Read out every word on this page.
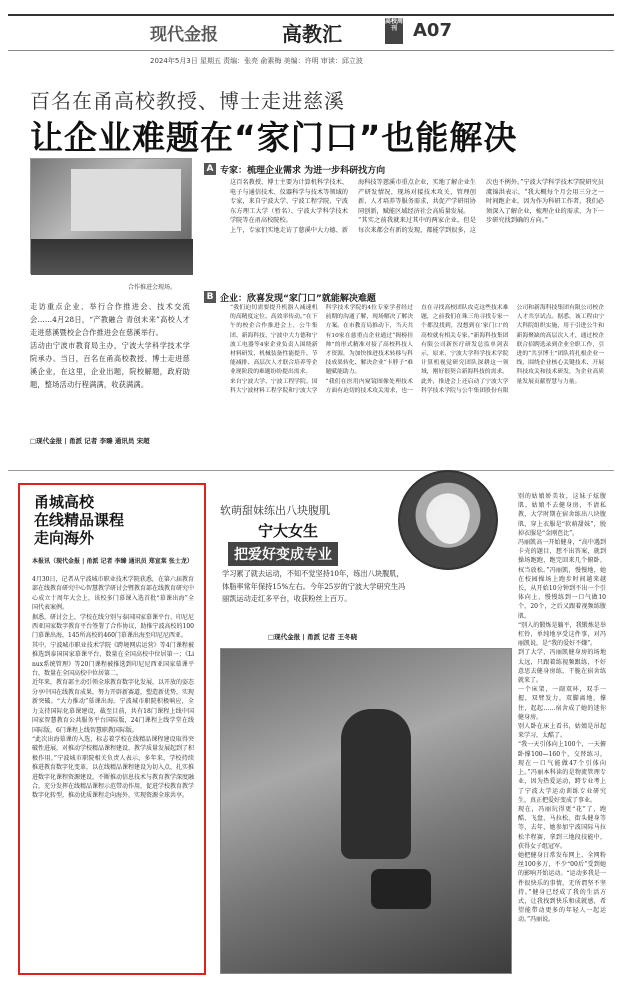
现代金报	高教汇
高校周刊 A07
2024年5月3日 星期五 责编：张亮 俞素梅 美编：许明 审读：邱立波
百名在甬高校教授、博士走进慈溪
让企业难题在“家门口”也能解决
合作推进会现场。
走访重点企业、举行合作推进会、技术交流会……4月28日，“产教融合 青创未来”高校人才走进慈溪暨校企合作推进会在慈溪举行。
活动由宁波市教育局主办，宁波大学科学技术学院承办。当日，百名在甬高校教授、博士走进慈溪企业，在这里，企业出题，院校解题，政府助题，整场活动行程满满，收获满满。
□现代金报 | 甬派 记者 李臻 通讯员 宋超
A 专家：梳理企业需求 为进一步科研找方向
这百名教授、博士主要为计算机科学技术、电子与通信技术、仪器科学与技术等领域的专家，来自宁波大学、宁波工程学院、宁波东方理工大学（暂名）、宁波大学科学技术学院等在甬高校院校。
上午，专家们实地走访了慈溪中大力德、新海科技等慈溪市重点企业，实地了解企业生产研发情况，现场对接技术攻关，管理创新、人才培养等服务需求，共促产学研用协同创新，赋能区域经济社会高质量发展。
“其实之前我就来过其中的两家企业，但是每次来都会有新的发现，都能学到很多，这次也不例外。”宁波大学科学技术学院研究员虞锦洪表示，“我大概每个月会用三分之一时间跑企业，因为作为科研工作者，我们必须深入了解企业，梳理企业的需求，为下一步研究找到确的方向。”
B 企业：欣喜发现“家门口”就能解决难题
“我们迫切需要提升机器人减速机的高精度定位、高效率传动。”在下午的校企合作推进会上，公牛集团、新海科技、宁波中大力德和宁波工电器等4家企业负责人围绕新材料研发、机械装备性能提升、节能减排、高层次人才联合培养等企业现阶段的难题纷纷提出需求。
来自宁波大学、宁波工程学院、国科大宁波材料工程学院和宁波大学科学技术学院的4位专家学者经过前期的沟通了解，现场解决了解决方案。在市教育局推动下，当天共有10家在慈重点企业通过“揭榜挂帅”的形式精准对接了高校科技人才资源，为加快推进技术转移与科技成果转化、解决企业“卡脖子”难题赋能助力。
“我们在医用内窥镜图像处理技术方面有迫切的技术攻关需求，也一直在寻找高校团队攻克这些技术难题，之前我们在珠三角寻找专家一个都没找到，没想到在‘家门口’的高校就有相关专家。”新海科技集团有限公司新医疗研发总监单剑表示，原来，宁波大学科学技术学院计算机视觉研究团队深耕这一领域，刚好很契合新海科技的需求。
此外，推进会上还启动了宁波大学科学技术学院与公牛集团股份有限公司和新海科技集团有限公司校企人才共享试点。据悉，该工程由宁大科院组织实施，用于引进公牛和新海聚缺的高层次人才，通过校企联合招聘选录到企业全职工作，引进的“共享博士”团队将扎根企业一线，围绕企业核心关键技术、开展科技攻关和技术研发，为企业高质量发展贡献智慧与力量。
甬城高校
在线精品课程
走向海外
本报讯（现代金报 | 甬派 记者 李臻 通讯员 郑宣棠 张士龙）
4月30日，记者从宁波城市职业技术学院获悉，在第六届教育部在线教育研究中心智慧教学研讨会暨教育部在线教育研究中心成立十周年大会上，该校多门慕课入选首批“慕课出海”全国代表案例。
据悉，研讨会上，学校在线分别与泰国国家慕课平台、印尼尼西亚国家数字教育平台签署了合作协议，助推宁波高校的100门慕课出海，145所高校的460门慕课出海至印尼尼西亚。
其中，宁波城市职业技术学院《跨境网店运营》等4门课程被推选到泰国国家慕课平台，数量在全国高校中位居第一；《Linux系统管理》等20门课程被推选到印尼尼西亚国家慕课平台，数量在全国高校中位居第二。
近年来，教育部主动引领全球教育数字化发展，以开放的姿态分享中国在线教育成果，努力开辟新赛道，塑造新优势，实现新突破。“大力推动”慕课出海。宁波城市职院积极响应，全力支持国际化慕课建设，截至目前，共有18门课程上线中国国家智慧教育公共服务平台国际版，24门课程上线学堂在线国际版，6门课程上线智慧职教国际版。
“此次出海慕课的入选，标志着学校在线精品课程建设取得突破性进展，对推动学校精品课程建设、教学质量发展起到了积极作用。”宁波城市职院相关负责人表示，多年来，学校持续推进教育数字化变革，以在线精品课程建设为切入点，扎实推进数字化课程资源建设，不断推动信息技术与教育教学深度融合，充分发挥在线精品课程示范带动作用，促进学校教育教学数字化转型，推动优质课程走向海外，实现资源全球共享。
软萌甜妹练出八块腹肌
宁大女生
把爱好变成专业
学习累了就去运动，不知不觉坚持10年，练出八块腹肌，体脂率常年保持15%左右。今年25岁的宁波大学研究生冯丽凯运动走红多平台，收获粉丝上百万。
□现代金报 | 甬派 记者 王冬晓
别的姑娘娇美妆，这妹子炫腹肌。姑娘不去健身房，不请私教，大学时期在宿舍练出八块腹肌，穿上衣服是“软萌甜妹”，脱掉衣服是“金刚芭比”。
冯丽凯高一开始健身，“高中遇到卡壳的题目，想不出答案，就到操场跑跑，跑完回来几个俯卧，权当放松。”冯丽凯，慢慢地，她在校园操场上跑步时间越来越长，从开始10分钟到不出一个引体向上，慢慢练到一口气做10个，20个，之后又跟着视频练腹肌。
“别人的锻炼是躺平，我锻炼是举杠铃，单纯地享受这件事，对冯丽凯说，是“我的爱好不嫌”。
到了大学，冯丽凯健身房的场地太远，只跟着练视频跟练，不好意思去健身房练，干脆在宿舍练就来了。
一个床架，一副双环，双手一握，双臂发力，双脚离地，撑住，起起……宿舍成了她的迷你健身房。
别人卧在床上看书，姑娘是吊起来学习，太酷了。
“我一天引体向上100个，一天俯卧撑100—160个，交替练习，现在一口气能做47个引体向上。”冯丽本科读的是物流管理专业，因为热爱运动，跨专业考上了宁波大学运动训练专业研究生，真正把爱好变成了事业。
现在，冯丽玩得更“花”了，跑酷、飞盘、马拉松、街头健身等等，去年，她参加宁波国际马拉松半程赛，拿到三地段技能中，获得女子组冠军。
她把健身日常发布网上，全网粉丝100多万，不少“00后”受到她的影响开始运动。“运动多我是一件很快乐的事情，无所谓坚不坚持。”健身已经成了我的生活方式，让我找到快乐和成就感，希望能带动更多的年轻人一起运动。”冯丽说。
